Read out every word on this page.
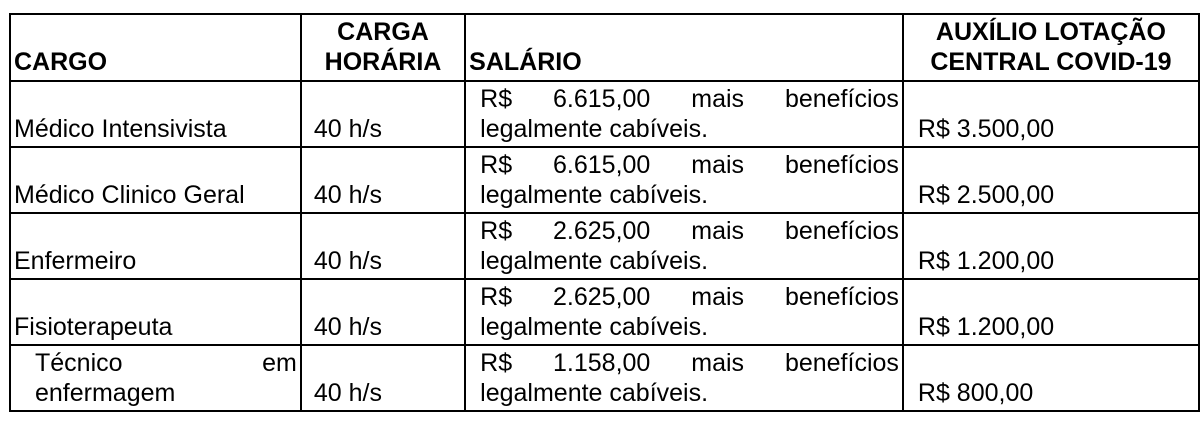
CARGO	CARGA HORÁRIA	SALÁRIO	AUXÍLIO LOTAÇÃO CENTRAL COVID-19
Médico Intensivista	40 h/s	R$ 6.615,00 mais benefícios legalmente cabíveis.	R$ 3.500,00
Médico Clinico Geral	40 h/s	R$ 6.615,00 mais benefícios legalmente cabíveis.	R$ 2.500,00
Enfermeiro	40 h/s	R$ 2.625,00 mais benefícios legalmente cabíveis.	R$ 1.200,00
Fisioterapeuta	40 h/s	R$ 2.625,00 mais benefícios legalmente cabíveis.	R$ 1.200,00
Técnico em enfermagem	40 h/s	R$ 1.158,00 mais benefícios legalmente cabíveis.	R$ 800,00
